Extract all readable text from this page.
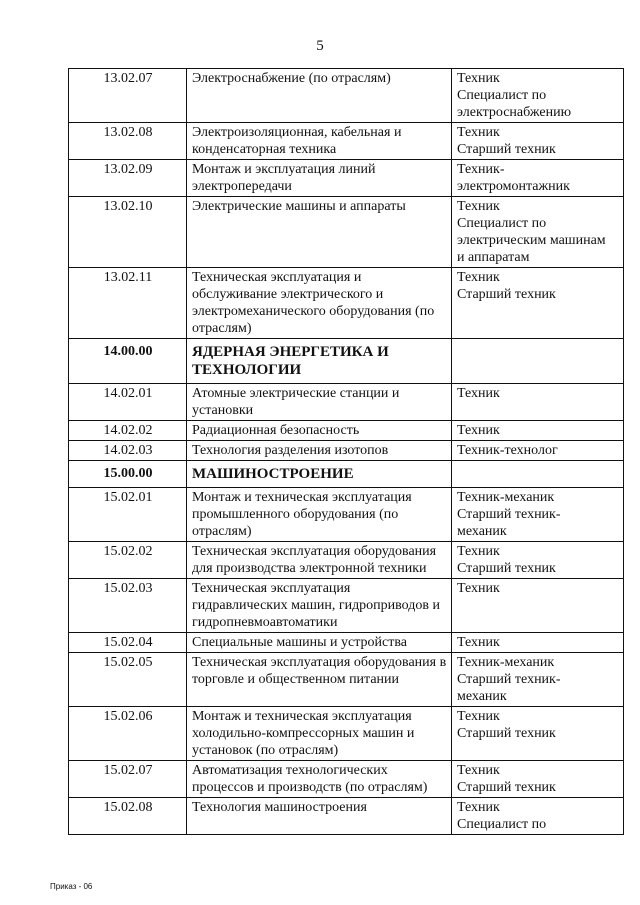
5
13.02.07	Электроснабжение (по отраслям)	Техник
Специалист по
электроснабжению

13.02.08	Электроизоляционная, кабельная и конденсаторная техника	Техник
Старший техник

13.02.09	Монтаж и эксплуатация линий электропередачи	Техник-
электромонтажник

13.02.10	Электрические машины и аппараты	Техник
Специалист по
электрическим машинам
и аппаратам

13.02.11	Техническая эксплуатация и обслуживание электрического и электромеханического оборудования (по отраслям)	Техник
Старший техник

14.00.00	ЯДЕРНАЯ ЭНЕРГЕТИКА И ТЕХНОЛОГИИ	
14.02.01	Атомные электрические станции и установки	Техник

14.02.02	Радиационная безопасность	Техник

14.02.03	Технология разделения изотопов	Техник-технолог

15.00.00	МАШИНОСТРОЕНИЕ	
15.02.01	Монтаж и техническая эксплуатация промышленного оборудования (по отраслям)	Техник-механик
Старший техник-
механик

15.02.02	Техническая эксплуатация оборудования для производства электронной техники	Техник
Старший техник

15.02.03	Техническая эксплуатация гидравлических машин, гидроприводов и гидропневмоавтоматики	Техник

15.02.04	Специальные машины и устройства	Техник

15.02.05	Техническая эксплуатация оборудования в торговле и общественном питании	Техник-механик
Старший техник-
механик

15.02.06	Монтаж и техническая эксплуатация холодильно-компрессорных машин и установок (по отраслям)	Техник
Старший техник

15.02.07	Автоматизация технологических процессов и производств (по отраслям)	Техник
Старший техник

15.02.08	Технология машиностроения	Техник
Специалист по
Приказ - 06
